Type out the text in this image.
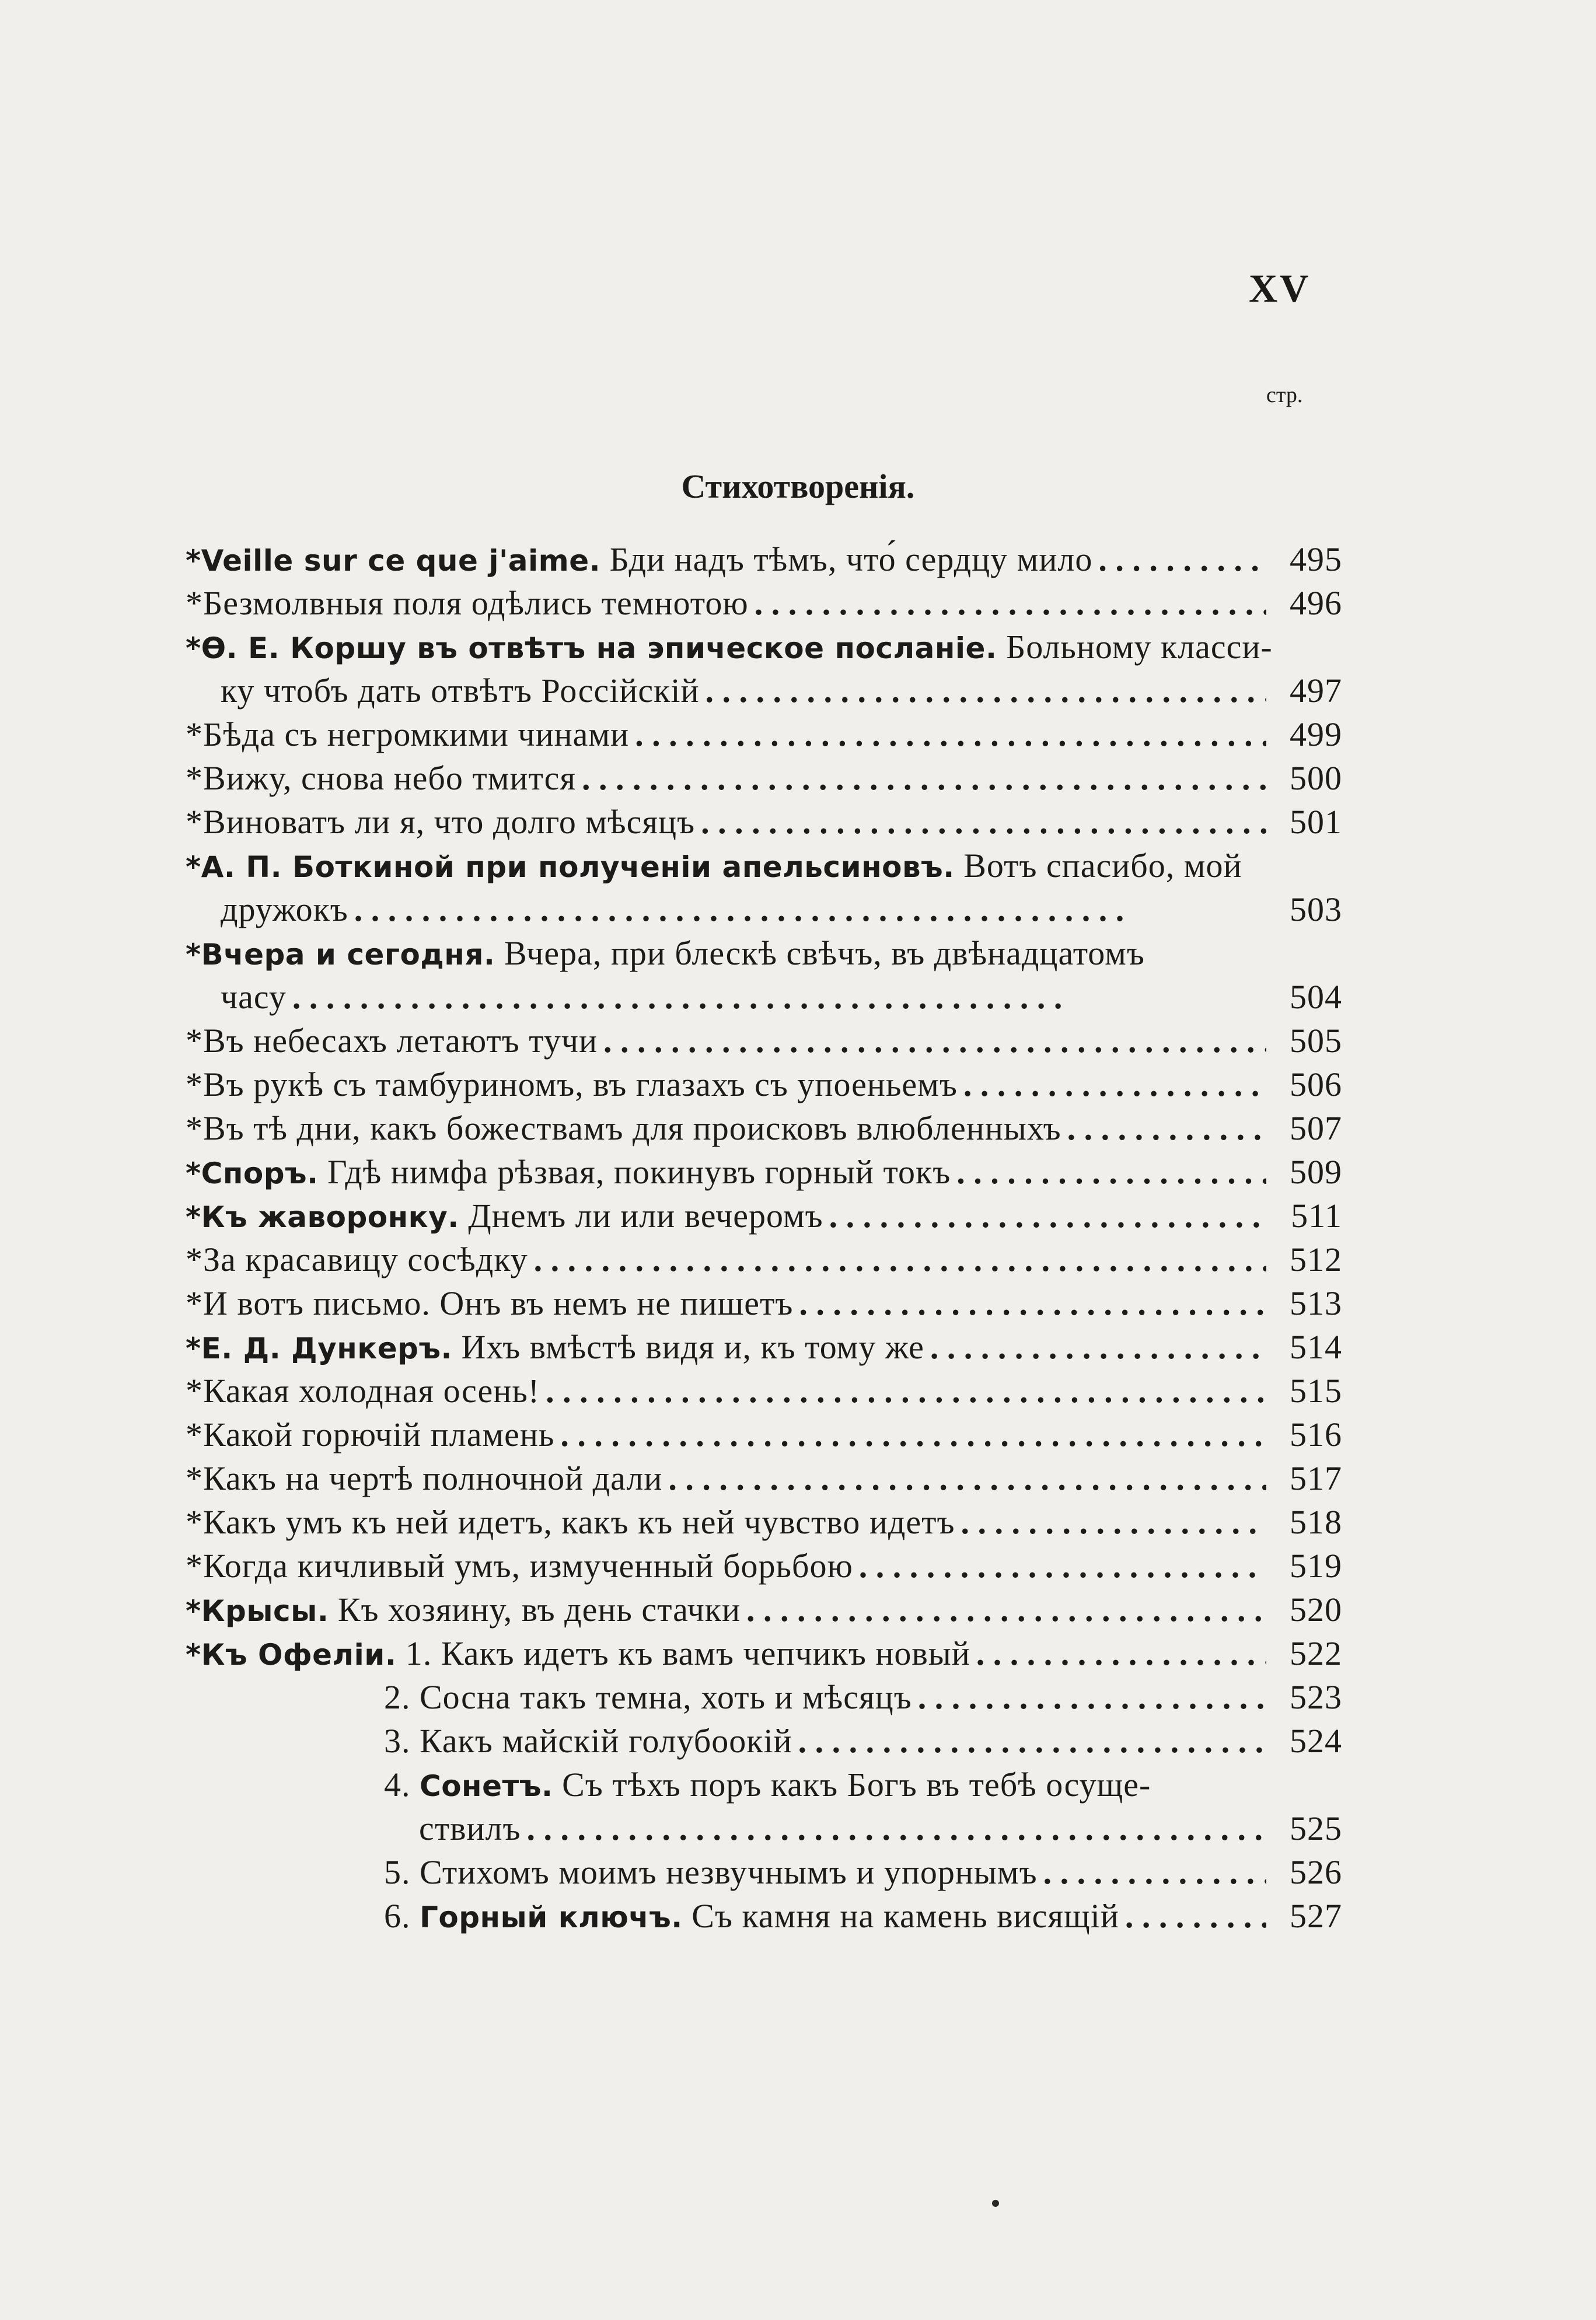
XV
стр.
Стихотворенія.
*Veille sur ce que j'aime. Бди надъ тѣмъ, что́ сердцу мило . .	495
*Безмолвныя поля одѣлись темнотою . .	496
*Ѳ. Е. Коршу въ отвѣтъ на эпическое посланіе. Больному класси-
ку чтобъ дать отвѣтъ Россійскій . .	497
*Бѣда съ негромкими чинами . .	499
*Вижу, снова небо тмится . .	500
*Виноватъ ли я, что долго мѣсяцъ . .	501
*А. П. Боткиной при полученіи апельсиновъ. Вотъ спасибо, мой
дружокъ . .	503
*Вчера и сегодня. Вчера, при блескѣ свѣчъ, въ двѣнадцатомъ
часу . .	504
*Въ небесахъ летаютъ тучи . .	505
*Въ рукѣ съ тамбуриномъ, въ глазахъ съ упоеньемъ . .	506
*Въ тѣ дни, какъ божествамъ для происковъ влюбленныхъ . .	507
*Споръ. Гдѣ нимфа рѣзвая, покинувъ горный токъ . .	509
*Къ жаворонку. Днемъ ли или вечеромъ . .	511
*За красавицу сосѣдку . .	512
*И вотъ письмо. Онъ въ немъ не пишетъ . .	513
*Е. Д. Дункеръ. Ихъ вмѣстѣ видя и, къ тому же . .	514
*Какая холодная осень! . .	515
*Какой горючій пламень . .	516
*Какъ на чертѣ полночной дали . .	517
*Какъ умъ къ ней идетъ, какъ къ ней чувство идетъ . .	518
*Когда кичливый умъ, измученный борьбою . .	519
*Крысы. Къ хозяину, въ день стачки . .	520
*Къ Офеліи. 1. Какъ идетъ къ вамъ чепчикъ новый . .	522
2. Сосна такъ темна, хоть и мѣсяцъ . .	523
3. Какъ майскій голубоокій . .	524
4. Сонетъ. Съ тѣхъ поръ какъ Богъ въ тебѣ осуще-
ствилъ . .	525
5. Стихомъ моимъ незвучнымъ и упорнымъ . .	526
6. Горный ключъ. Съ камня на камень висящій . .	527
